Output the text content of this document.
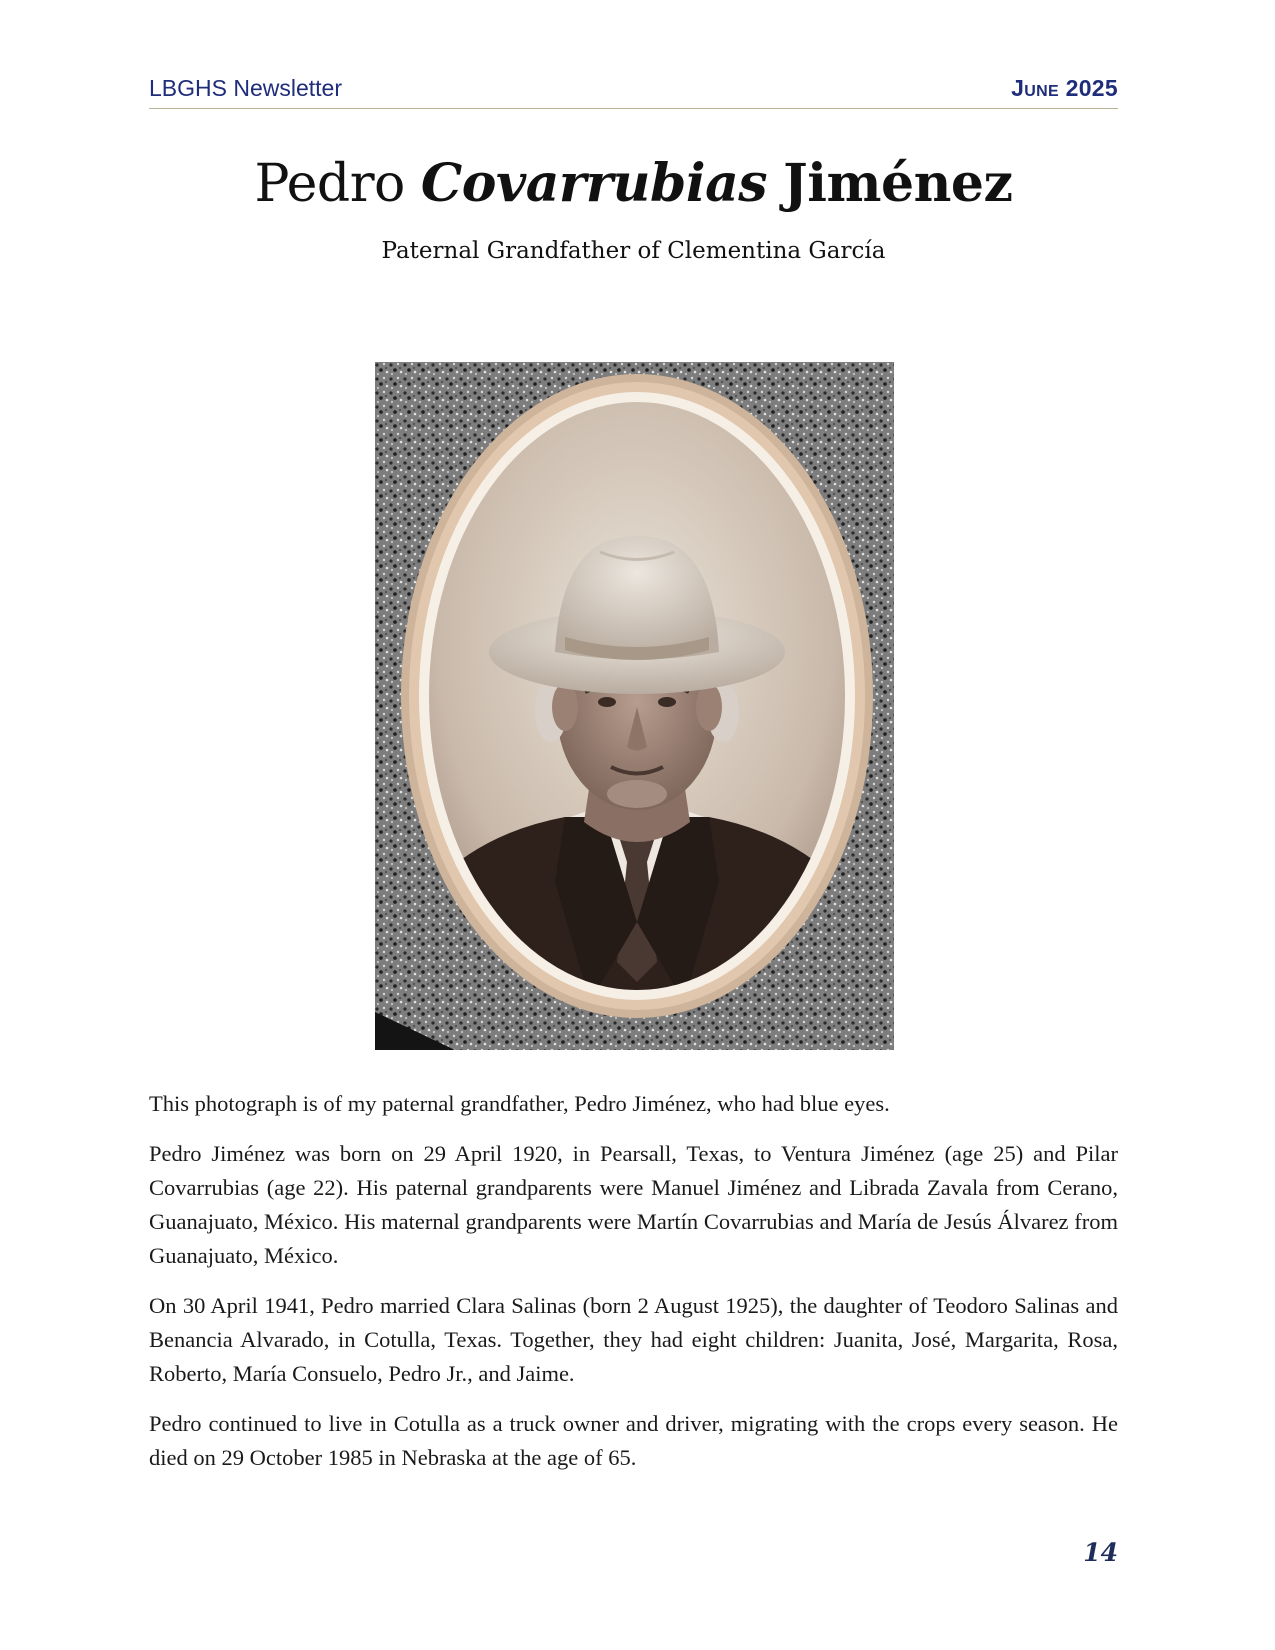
LBGHS Newsletter	June 2025
Pedro Covarrubias Jiménez
Paternal Grandfather of Clementina García

This photograph is of my paternal grandfather, Pedro Jiménez, who had blue eyes.

Pedro Jiménez was born on 29 April 1920, in Pearsall, Texas, to Ventura Jiménez (age 25) and Pilar Covarrubias (age 22). His paternal grandparents were Manuel Jiménez and Librada Zavala from Cerano, Guanajuato, México. His maternal grandparents were Martín Covarrubias and María de Jesús Álvarez from Guanajuato, México.

On 30 April 1941, Pedro married Clara Salinas (born 2 August 1925), the daughter of Teodoro Salinas and Benancia Alvarado, in Cotulla, Texas. Together, they had eight children: Juanita, José, Margarita, Rosa, Roberto, María Consuelo, Pedro Jr., and Jaime.

Pedro continued to live in Cotulla as a truck owner and driver, migrating with the crops every season. He died on 29 October 1985 in Nebraska at the age of 65.

14
